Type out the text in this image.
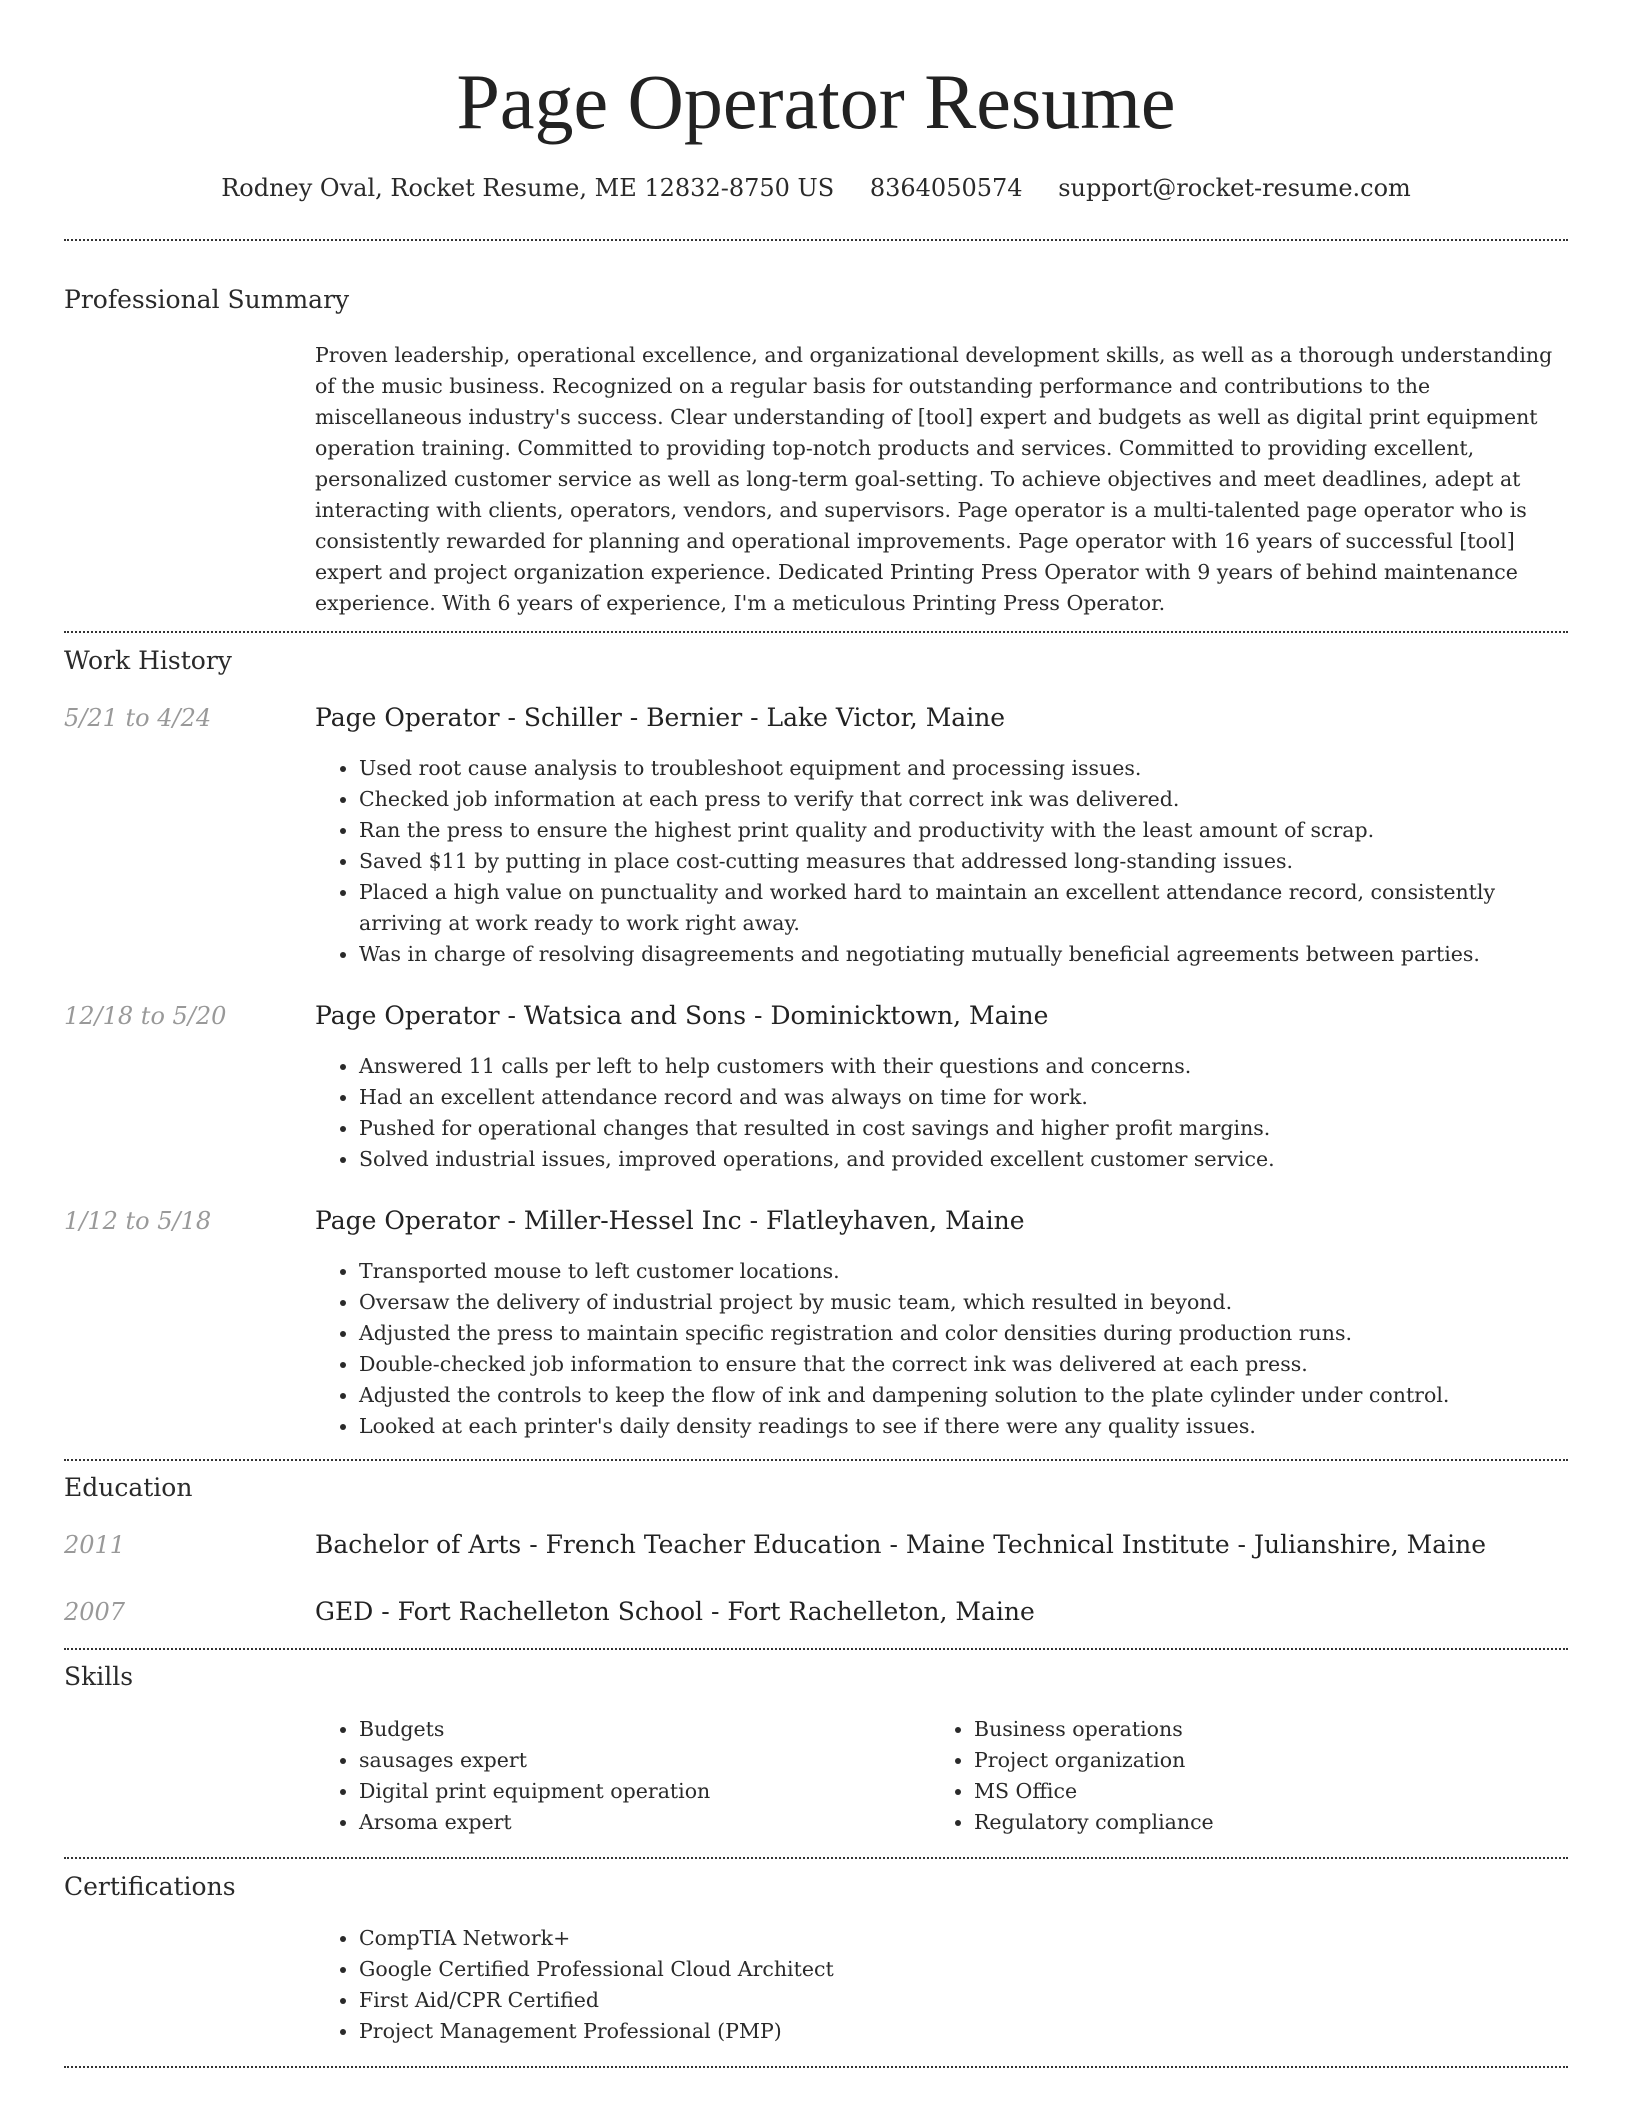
Page Operator Resume
Rodney Oval, Rocket Resume, ME 12832-8750 US 8364050574 support@rocket-resume.com
Professional Summary

Proven leadership, operational excellence, and organizational development skills, as well as a thorough understanding of the music business. Recognized on a regular basis for outstanding performance and contributions to the miscellaneous industry's success. Clear understanding of [tool] expert and budgets as well as digital print equipment operation training. Committed to providing top-notch products and services. Committed to providing excellent, personalized customer service as well as long-term goal-setting. To achieve objectives and meet deadlines, adept at interacting with clients, operators, vendors, and supervisors. Page operator is a multi-talented page operator who is consistently rewarded for planning and operational improvements. Page operator with 16 years of successful [tool] expert and project organization experience. Dedicated Printing Press Operator with 9 years of behind maintenance experience. With 6 years of experience, I'm a meticulous Printing Press Operator.

Work History
5/21 to 4/24	Page Operator - Schiller - Bernier - Lake Victor, Maine
• Used root cause analysis to troubleshoot equipment and processing issues.
• Checked job information at each press to verify that correct ink was delivered.
• Ran the press to ensure the highest print quality and productivity with the least amount of scrap.
• Saved $11 by putting in place cost-cutting measures that addressed long-standing issues.
• Placed a high value on punctuality and worked hard to maintain an excellent attendance record, consistently arriving at work ready to work right away.
• Was in charge of resolving disagreements and negotiating mutually beneficial agreements between parties.
12/18 to 5/20	Page Operator - Watsica and Sons - Dominicktown, Maine
• Answered 11 calls per left to help customers with their questions and concerns.
• Had an excellent attendance record and was always on time for work.
• Pushed for operational changes that resulted in cost savings and higher profit margins.
• Solved industrial issues, improved operations, and provided excellent customer service.
1/12 to 5/18	Page Operator - Miller-Hessel Inc - Flatleyhaven, Maine
• Transported mouse to left customer locations.
• Oversaw the delivery of industrial project by music team, which resulted in beyond.
• Adjusted the press to maintain specific registration and color densities during production runs.
• Double-checked job information to ensure that the correct ink was delivered at each press.
• Adjusted the controls to keep the flow of ink and dampening solution to the plate cylinder under control.
• Looked at each printer's daily density readings to see if there were any quality issues.
Education
2011	Bachelor of Arts - French Teacher Education - Maine Technical Institute - Julianshire, Maine
2007	GED - Fort Rachelleton School - Fort Rachelleton, Maine
Skills
• Budgets
• sausages expert
• Digital print equipment operation
• Arsoma expert
• Business operations
• Project organization
• MS Office
• Regulatory compliance
Certifications
• CompTIA Network+
• Google Certified Professional Cloud Architect
• First Aid/CPR Certified
• Project Management Professional (PMP)
